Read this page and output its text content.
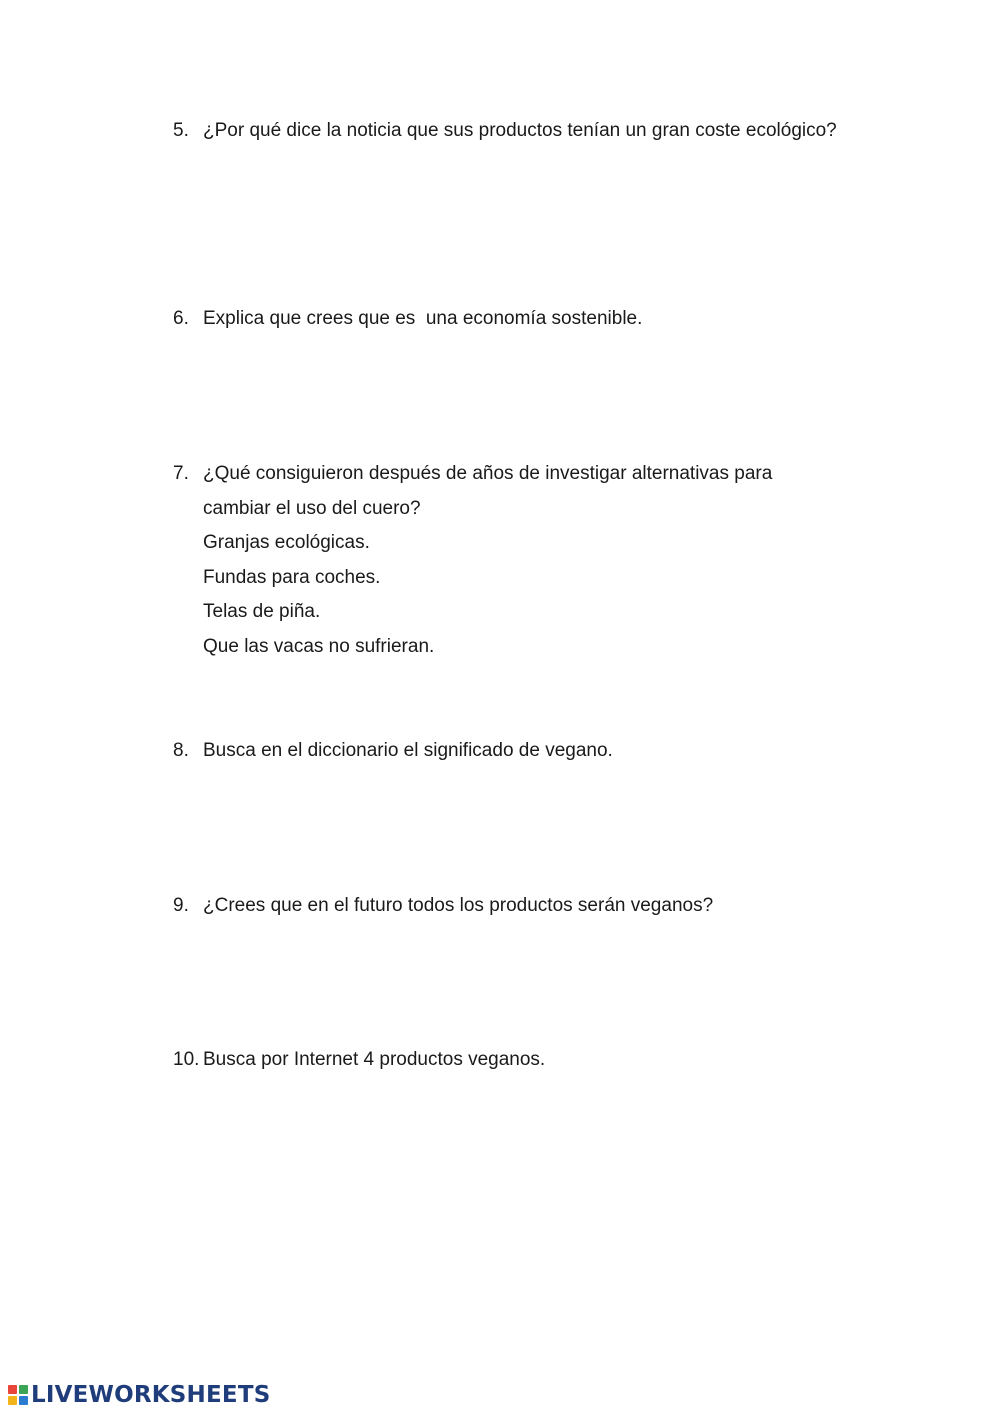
5. ¿Por qué dice la noticia que sus productos tenían un gran coste ecológico?
6. Explica que crees que es  una economía sostenible.
7. ¿Qué consiguieron después de años de investigar alternativas para cambiar el uso del cuero?
Granjas ecológicas.
Fundas para coches.
Telas de piña.
Que las vacas no sufrieran.
8. Busca en el diccionario el significado de vegano.
9. ¿Crees que en el futuro todos los productos serán veganos?
10. Busca por Internet 4 productos veganos.
LIVEWORKSHEETS
